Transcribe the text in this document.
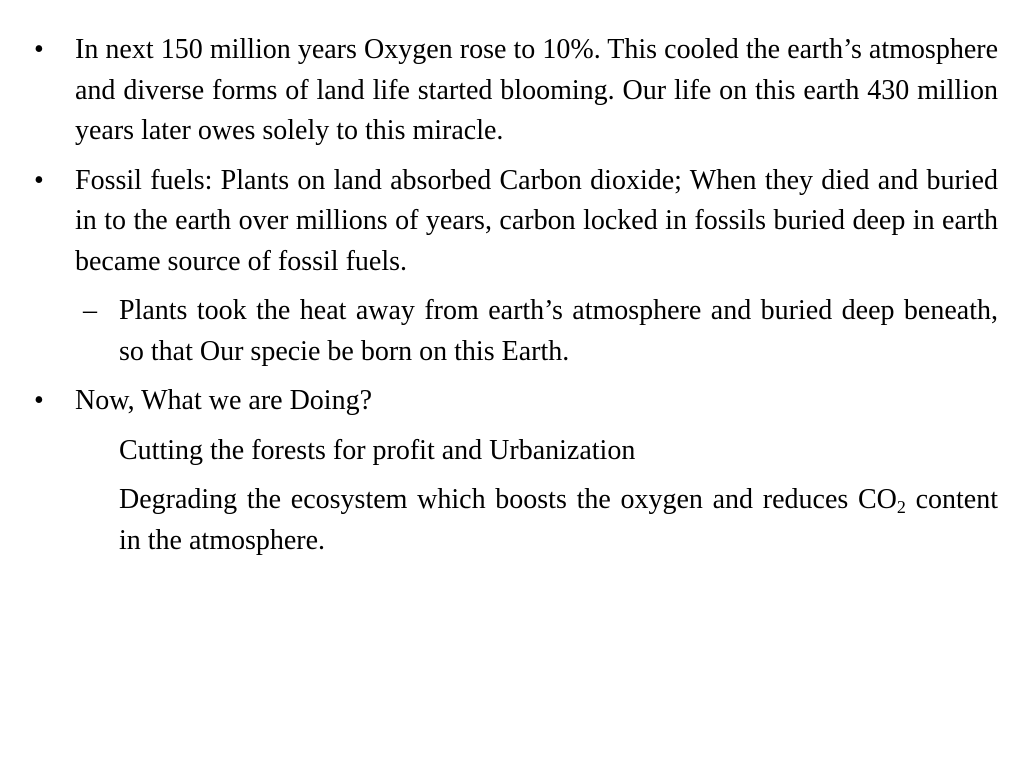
• In next 150 million years Oxygen rose to 10%. This cooled the earth’s atmosphere and diverse forms of land life started blooming. Our life on this earth 430 million years later owes solely to this miracle.
• Fossil fuels: Plants on land absorbed Carbon dioxide; When they died and buried in to the earth over millions of years, carbon locked in fossils buried deep in earth became source of fossil fuels.
– Plants took the heat away from earth’s atmosphere and buried deep beneath, so that Our specie be born on this Earth.
• Now, What we are Doing?
Cutting the forests for profit and Urbanization
Degrading the ecosystem which boosts the oxygen and reduces $CO_2$ content in the atmosphere.
